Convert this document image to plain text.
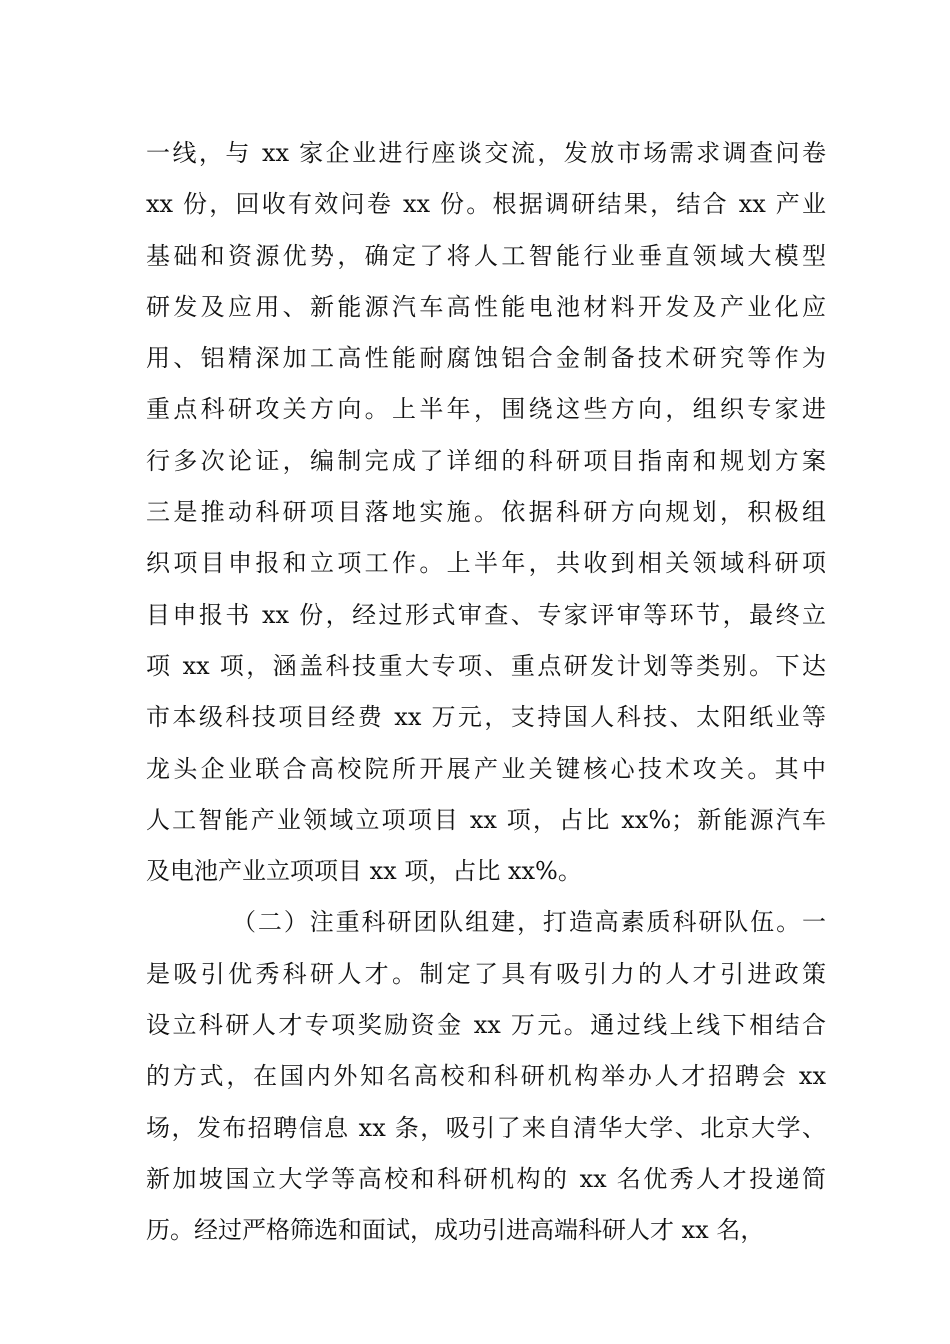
一线，与 xx 家企业进行座谈交流，发放市场需求调查问卷
xx 份，回收有效问卷 xx 份。根据调研结果，结合 xx 产业
基础和资源优势，确定了将人工智能行业垂直领域大模型
研发及应用、新能源汽车高性能电池材料开发及产业化应
用、铝精深加工高性能耐腐蚀铝合金制备技术研究等作为
重点科研攻关方向。上半年，围绕这些方向，组织专家进
行多次论证，编制完成了详细的科研项目指南和规划方案
三是推动科研项目落地实施。依据科研方向规划，积极组
织项目申报和立项工作。上半年，共收到相关领域科研项
目申报书 xx 份，经过形式审查、专家评审等环节，最终立
项 xx 项，涵盖科技重大专项、重点研发计划等类别。下达
市本级科技项目经费 xx 万元，支持国人科技、太阳纸业等
龙头企业联合高校院所开展产业关键核心技术攻关。其中
人工智能产业领域立项项目 xx 项，占比 xx%；新能源汽车
及电池产业立项项目 xx 项，占比 xx%。
（二）注重科研团队组建，打造高素质科研队伍。一
是吸引优秀科研人才。制定了具有吸引力的人才引进政策
设立科研人才专项奖励资金 xx 万元。通过线上线下相结合
的方式，在国内外知名高校和科研机构举办人才招聘会 xx
场，发布招聘信息 xx 条，吸引了来自清华大学、北京大学、
新加坡国立大学等高校和科研机构的 xx 名优秀人才投递简
历。经过严格筛选和面试，成功引进高端科研人才 xx 名，
